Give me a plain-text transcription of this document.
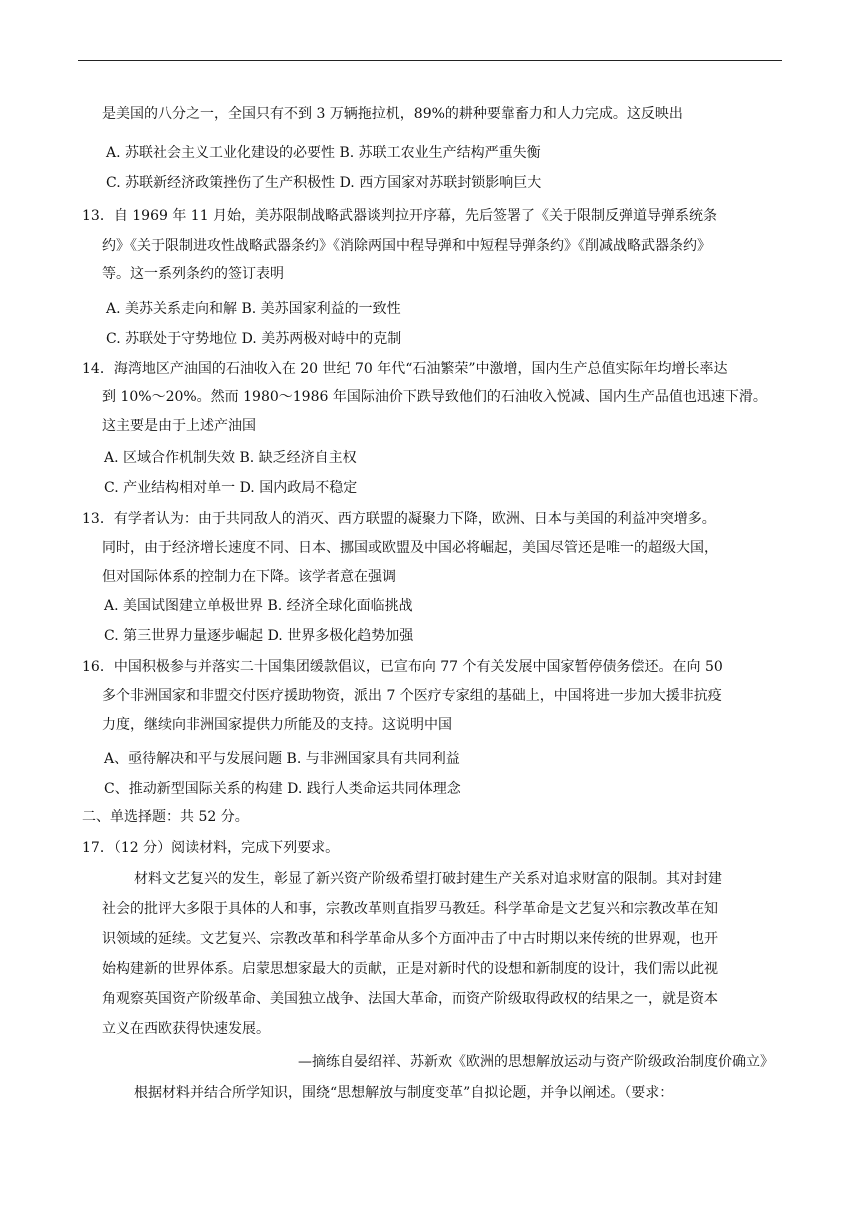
是美国的八分之一，全国只有不到 3 万辆拖拉机，89%的耕种要靠畜力和人力完成。这反映出
A. 苏联社会主义工业化建设的必要性 B. 苏联工农业生产结构严重失衡
C. 苏联新经济政策挫伤了生产积极性 D. 西方国家对苏联封锁影响巨大
13．自 1969 年 11 月始，美苏限制战略武器谈判拉开序幕，先后签署了《关于限制反弹道导弹系统条
约》《关于限制进攻性战略武器条约》《消除两国中程导弹和中短程导弹条约》《削减战略武器条约》
等。这一系列条约的签订表明
A. 美苏关系走向和解 B. 美苏国家利益的一致性
C. 苏联处于守势地位 D. 美苏两极对峙中的克制
14．海湾地区产油国的石油收入在 20 世纪 70 年代“石油繁荣”中激增，国内生产总值实际年均增长率达
到 10%～20%。然而 1980～1986 年国际油价下跌导致他们的石油收入悦减、国内生产品值也迅速下滑。
这主要是由于上述产油国
A. 区域合作机制失效 B. 缺乏经济自主权
C. 产业结构相对单一 D. 国内政局不稳定
13．有学者认为：由于共同敌人的消灭、西方联盟的凝聚力下降，欧洲、日本与美国的利益冲突增多。
同时，由于经济增长速度不同、日本、挪国或欧盟及中国必将崛起，美国尽管还是唯一的超级大国，
但对国际体系的控制力在下降。该学者意在强调
A. 美国试图建立单极世界 B. 经济全球化面临挑战
C. 第三世界力量逐步崛起 D. 世界多极化趋势加强
16．中国积极参与并落实二十国集团缓款倡议，已宣布向 77 个有关发展中国家暂停债务偿还。在向 50
多个非洲国家和非盟交付医疗援助物资，派出 7 个医疗专家组的基础上，中国将进一步加大援非抗疫
力度，继续向非洲国家提供力所能及的支持。这说明中国
A、亟待解决和平与发展问题 B. 与非洲国家具有共同利益
C、推动新型国际关系的构建 D. 践行人类命运共同体理念
二、单选择题：共 52 分。
17．（12 分）阅读材料，完成下列要求。
材料文艺复兴的发生，彰显了新兴资产阶级希望打破封建生产关系对追求财富的限制。其对封建
社会的批评大多限于具体的人和事，宗教改革则直指罗马教廷。科学革命是文艺复兴和宗教改革在知
识领域的延续。文艺复兴、宗教改革和科学革命从多个方面冲击了中古时期以来传统的世界观，也开
始构建新的世界体系。启蒙思想家最大的贡献，正是对新时代的设想和新制度的设计，我们需以此视
角观察英国资产阶级革命、美国独立战争、法国大革命，而资产阶级取得政权的结果之一，就是资本
立义在西欧获得快速发展。
—摘练自晏绍祥、苏新欢《欧洲的思想解放运动与资产阶级政治制度价确立》
根据材料并结合所学知识，围绕“思想解放与制度变革”自拟论题，并争以阐述。（要求：
